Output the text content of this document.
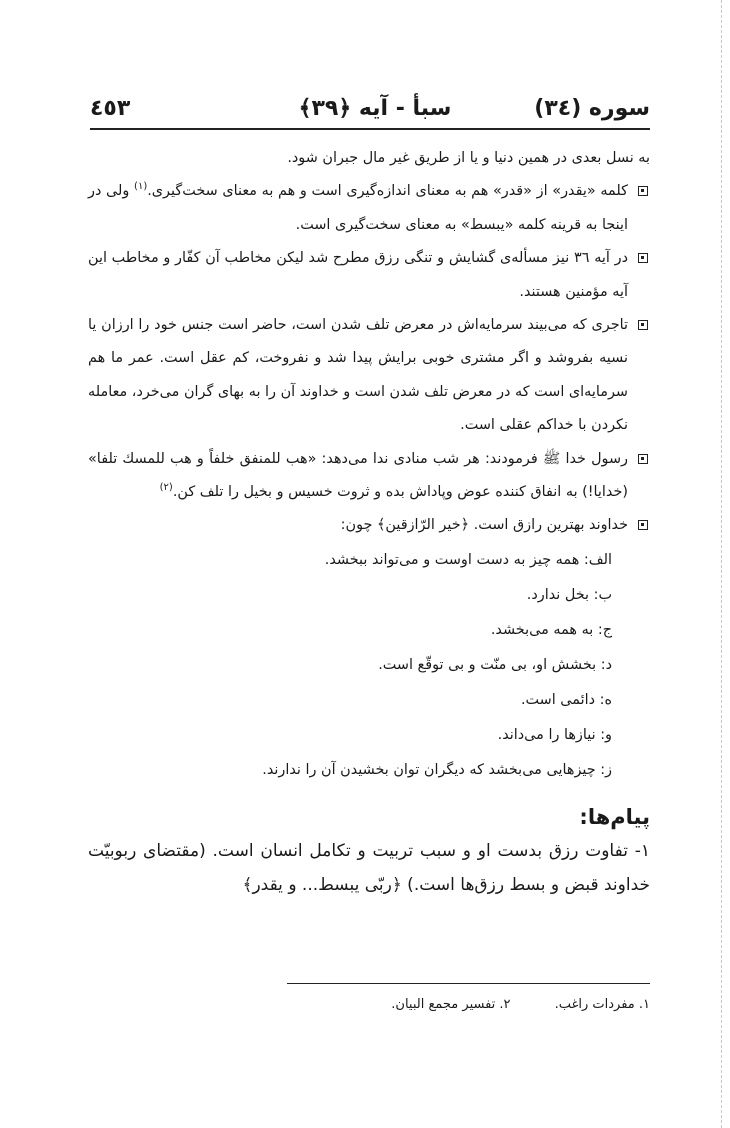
سوره (۳٤)
سبأ - آیه ﴿۳۹﴾
٤٥٣

به نسل بعدى در همين دنيا و يا از طريق غير مال جبران شود.

كلمه «يقدر» از «قدر» هم به معناى اندازه‌گيرى است و هم به معناى سخت‌گيرى.$^{(١)}$ ولى در اينجا به قرينه كلمه «يبسط» به معناى سخت‌گيرى است.
در آيه ٣٦ نيز مسأله‌ى گشايش و تنگى رزق مطرح شد ليكن مخاطب آن كفّار و مخاطب اين آيه مؤمنين هستند.
تاجرى كه مى‌بيند سرمايه‌اش در معرض تلف شدن است، حاضر است جنس خود را ارزان يا نسيه بفروشد و اگر مشترى خوبى برايش پيدا شد و نفروخت، كم عقل است. عمر ما هم سرمايه‌اى است كه در معرض تلف شدن است و خداوند آن را به بهاى گران مى‌خرد، معامله نكردن با خداكم عقلى است.
رسول خدا ﷺ فرمودند: هر شب منادى ندا مى‌دهد: «هب للمنفق خلفاً و هب للمسك تلفا» (خدايا!) به انفاق كننده عوض وپاداش بده و ثروت خسيس و بخيل را تلف كن.$^{(٢)}$
خداوند بهترين رازق است. ﴿خير الرّازقين﴾ چون:
الف: همه چيز به دست اوست و مى‌تواند ببخشد.
ب: بخل ندارد.
ج: به همه مى‌بخشد.
د: بخشش او، بى منّت و بى توقّع است.
ه: دائمى است.
و: نيازها را مى‌داند.
ز: چيزهايى مى‌بخشد كه ديگران توان بخشيدن آن را ندارند.
پيام‌ها:

١- تفاوت رزق بدست او و سبب تربيت و تكامل انسان است. (مقتضاى ربوبيّت خداوند قبض و بسط رزق‌ها است.) ﴿ربّى يبسط... و يقدر﴾

١. مفردات راغب. ٢. تفسير مجمع البيان.
